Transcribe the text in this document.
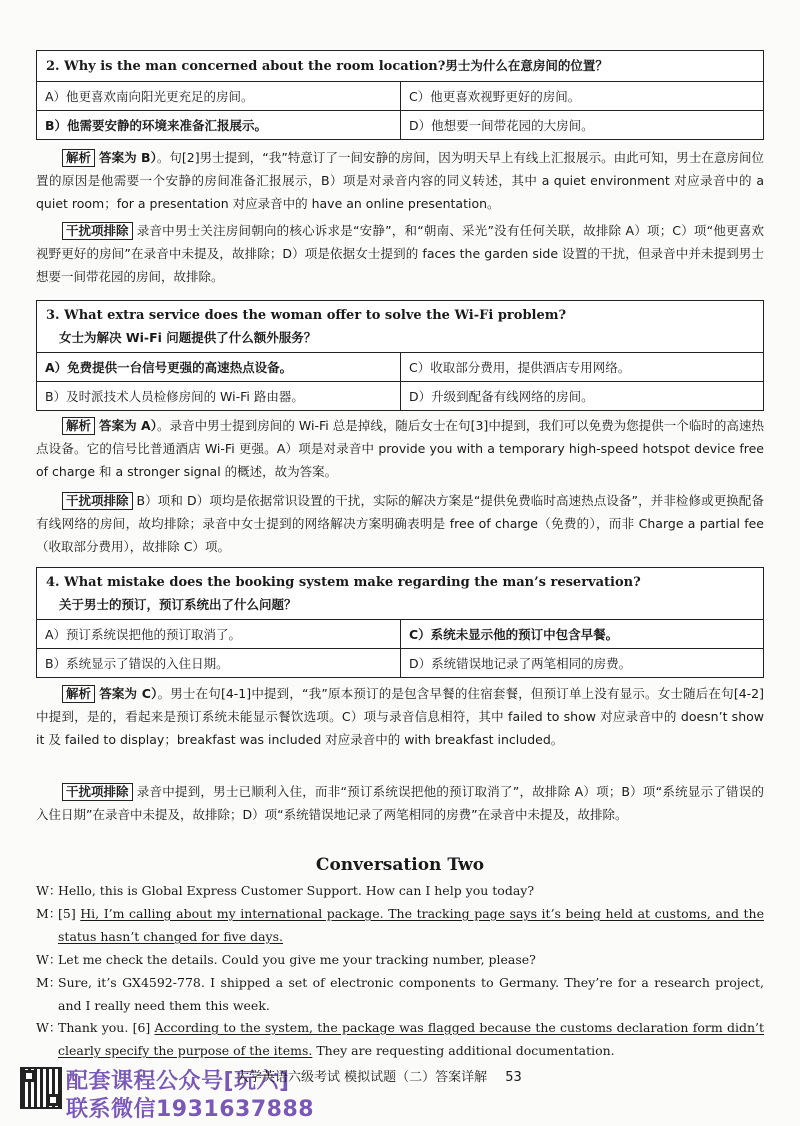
2. Why is the man concerned about the room location?男士为什么在意房间的位置？
A）他更喜欢南向阳光更充足的房间。	C）他更喜欢视野更好的房间。
B）他需要安静的环境来准备汇报展示。	D）他想要一间带花园的大房间。

解析 答案为 B）。句[2]男士提到，“我”特意订了一间安静的房间，因为明天早上有线上汇报展示。由此可知，男士在意房间位置的原因是他需要一个安静的房间准备汇报展示，B）项是对录音内容的同义转述，其中 a quiet environment 对应录音中的 a quiet room；for a presentation 对应录音中的 have an online presentation。

干扰项排除 录音中男士关注房间朝向的核心诉求是“安静”，和“朝南、采光”没有任何关联，故排除 A）项；C）项“他更喜欢视野更好的房间”在录音中未提及，故排除；D）项是依据女士提到的 faces the garden side 设置的干扰，但录音中并未提到男士想要一间带花园的房间，故排除。

3. What extra service does the woman offer to solve the Wi-Fi problem?
女士为解决 Wi-Fi 问题提供了什么额外服务？
A）免费提供一台信号更强的高速热点设备。	C）收取部分费用，提供酒店专用网络。
B）及时派技术人员检修房间的 Wi-Fi 路由器。	D）升级到配备有线网络的房间。

解析 答案为 A）。录音中男士提到房间的 Wi-Fi 总是掉线，随后女士在句[3]中提到，我们可以免费为您提供一个临时的高速热点设备。它的信号比普通酒店 Wi-Fi 更强。A）项是对录音中 provide you with a temporary high-speed hotspot device free of charge 和 a stronger signal 的概述，故为答案。

干扰项排除 B）项和 D）项均是依据常识设置的干扰，实际的解决方案是“提供免费临时高速热点设备”，并非检修或更换配备有线网络的房间，故均排除；录音中女士提到的网络解决方案明确表明是 free of charge（免费的），而非 Charge a partial fee（收取部分费用），故排除 C）项。

4. What mistake does the booking system make regarding the man’s reservation?
关于男士的预订，预订系统出了什么问题？
A）预订系统误把他的预订取消了。	C）系统未显示他的预订中包含早餐。
B）系统显示了错误的入住日期。	D）系统错误地记录了两笔相同的房费。

解析 答案为 C）。男士在句[4-1]中提到，“我”原本预订的是包含早餐的住宿套餐，但预订单上没有显示。女士随后在句[4-2]中提到，是的，看起来是预订系统未能显示餐饮选项。C）项与录音信息相符，其中 failed to show 对应录音中的 doesn’t show it 及 failed to display；breakfast was included 对应录音中的 with breakfast included。

干扰项排除 录音中提到，男士已顺利入住，而非“预订系统误把他的预订取消了”，故排除 A）项；B）项“系统显示了错误的入住日期”在录音中未提及，故排除；D）项“系统错误地记录了两笔相同的房费”在录音中未提及，故排除。

Conversation Two
W：
Hello, this is Global Express Customer Support. How can I help you today?
M：
[5] Hi, I’m calling about my international package. The tracking page says it’s being held at customs, and the status hasn’t changed for five days.
W：
Let me check the details. Could you give me your tracking number, please?
M：
Sure, it’s GX4592-778. I shipped a set of electronic components to Germany. They’re for a research project, and I really need them this week.
W：
Thank you. [6] According to the system, the package was flagged because the customs declaration form didn’t clearly specify the purpose of the items. They are requesting additional documentation.
配套课程公众号[玩六]
联系微信1931637888
大学英语六级考试 模拟试题（二）答案详解 53
